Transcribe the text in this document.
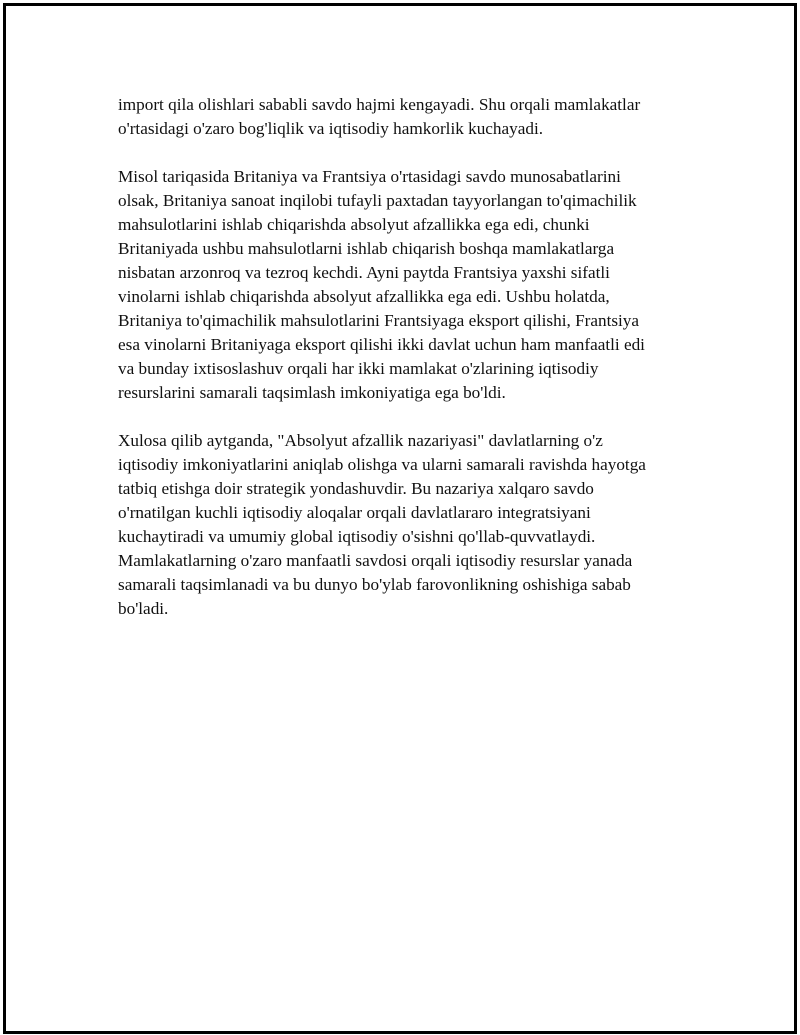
import qila olishlari sababli savdo hajmi kengayadi. Shu orqali mamlakatlar
o'rtasidagi o'zaro bog'liqlik va iqtisodiy hamkorlik kuchayadi.

Misol tariqasida Britaniya va Frantsiya o'rtasidagi savdo munosabatlarini
olsak, Britaniya sanoat inqilobi tufayli paxtadan tayyorlangan to'qimachilik
mahsulotlarini ishlab chiqarishda absolyut afzallikka ega edi, chunki
Britaniyada ushbu mahsulotlarni ishlab chiqarish boshqa mamlakatlarga
nisbatan arzonroq va tezroq kechdi. Ayni paytda Frantsiya yaxshi sifatli
vinolarni ishlab chiqarishda absolyut afzallikka ega edi. Ushbu holatda,
Britaniya to'qimachilik mahsulotlarini Frantsiyaga eksport qilishi, Frantsiya
esa vinolarni Britaniyaga eksport qilishi ikki davlat uchun ham manfaatli edi
va bunday ixtisoslashuv orqali har ikki mamlakat o'zlarining iqtisodiy
resurslarini samarali taqsimlash imkoniyatiga ega bo'ldi.

Xulosa qilib aytganda, "Absolyut afzallik nazariyasi" davlatlarning o'z
iqtisodiy imkoniyatlarini aniqlab olishga va ularni samarali ravishda hayotga
tatbiq etishga doir strategik yondashuvdir. Bu nazariya xalqaro savdo
o'rnatilgan kuchli iqtisodiy aloqalar orqali davlatlararo integratsiyani
kuchaytiradi va umumiy global iqtisodiy o'sishni qo'llab-quvvatlaydi.
Mamlakatlarning o'zaro manfaatli savdosi orqali iqtisodiy resurslar yanada
samarali taqsimlanadi va bu dunyo bo'ylab farovonlikning oshishiga sabab
bo'ladi.
